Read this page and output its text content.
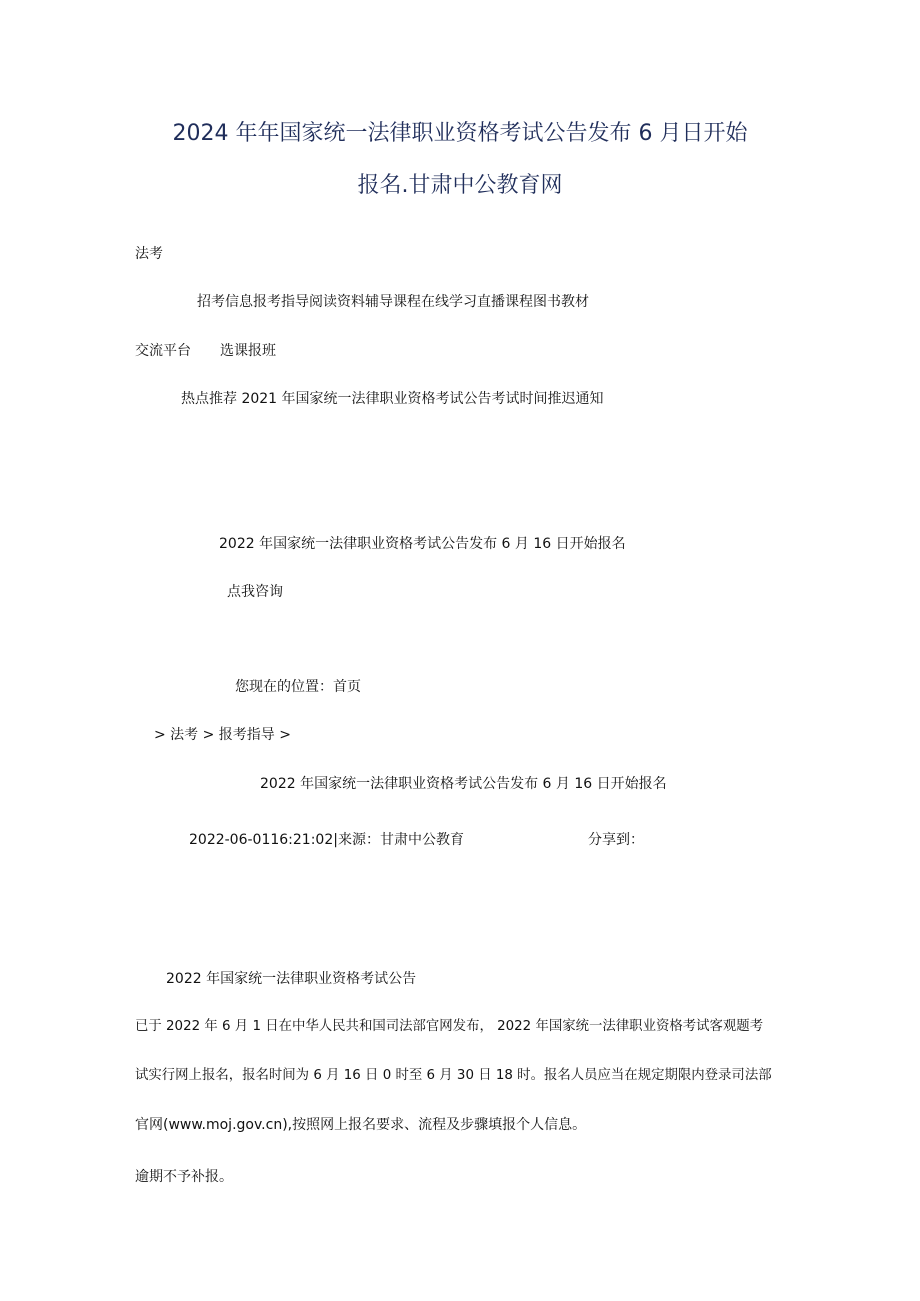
2024 年年国家统一法律职业资格考试公告发布 6 月日开始
报名.甘肃中公教育网
法考
招考信息报考指导阅读资料辅导课程在线学习直播课程图书教材
交流平台 选课报班
热点推荐 2021 年国家统一法律职业资格考试公告考试时间推迟通知
2022 年国家统一法律职业资格考试公告发布 6 月 16 日开始报名
点我咨询
您现在的位置：首页
> 法考 > 报考指导 >
2022 年国家统一法律职业资格考试公告发布 6 月 16 日开始报名
2022-06-0116:21:02|来源：甘肃中公教育	分享到：
2022 年国家统一法律职业资格考试公告
已于 2022 年 6 月 1 日在中华人民共和国司法部官网发布， 2022 年国家统一法律职业资格考试客观题考
试实行网上报名，报名时间为 6 月 16 日 0 时至 6 月 30 日 18 时。报名人员应当在规定期限内登录司法部
官网(www.moj.gov.cn),按照网上报名要求、流程及步骤填报个人信息。
逾期不予补报。
